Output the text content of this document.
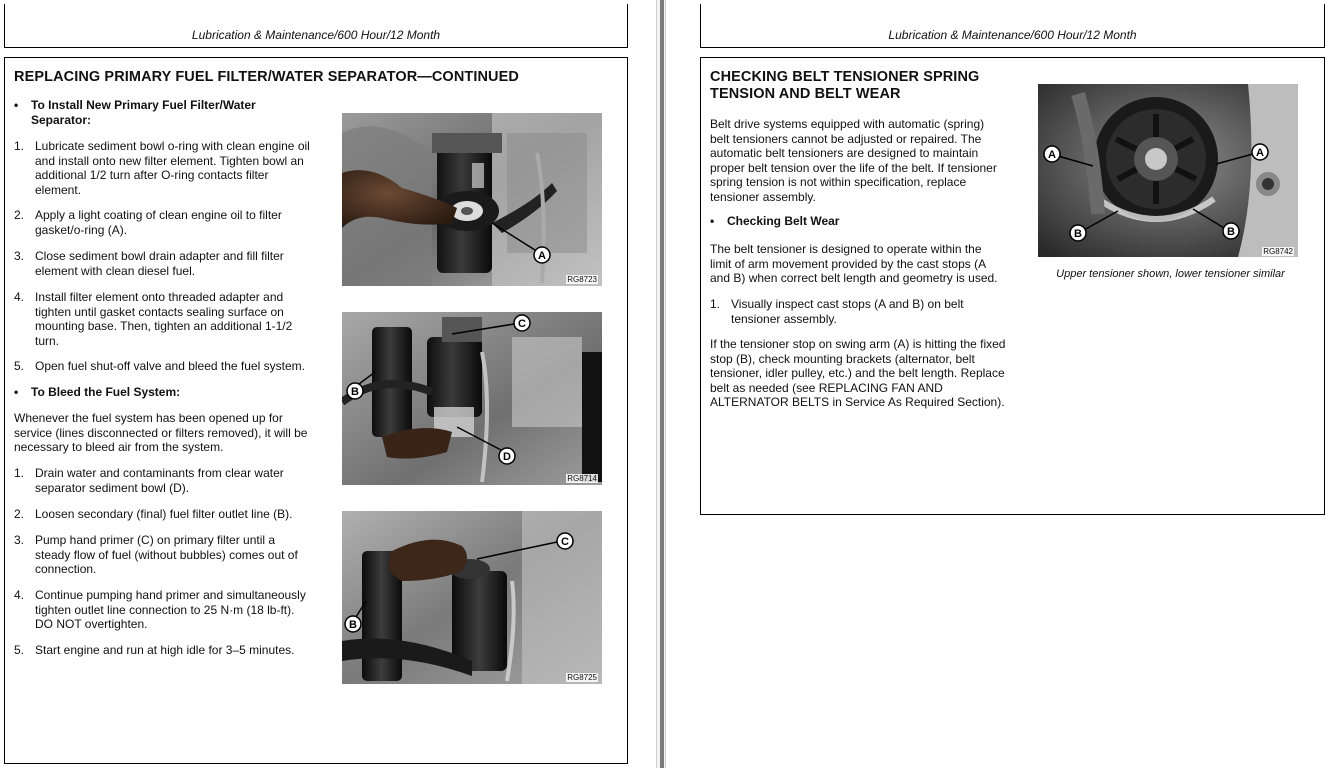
Lubrication & Maintenance/600 Hour/12 Month
REPLACING PRIMARY FUEL FILTER/WATER SEPARATOR—CONTINUED
• To Install New Primary Fuel Filter/Water Separator:
1. Lubricate sediment bowl o-ring with clean engine oil and install onto new filter element. Tighten bowl an additional 1/2 turn after O-ring contacts filter element.
2. Apply a light coating of clean engine oil to filter gasket/o-ring (A).
3. Close sediment bowl drain adapter and fill filter element with clean diesel fuel.
4. Install filter element onto threaded adapter and tighten until gasket contacts sealing surface on mounting base. Then, tighten an additional 1-1/2 turn.
5. Open fuel shut-off valve and bleed the fuel system.
• To Bleed the Fuel System:
Whenever the fuel system has been opened up for service (lines disconnected or filters removed), it will be necessary to bleed air from the system.
1. Drain water and contaminants from clear water separator sediment bowl (D).
2. Loosen secondary (final) fuel filter outlet line (B).
3. Pump hand primer (C) on primary filter until a steady flow of fuel (without bubbles) comes out of connection.
4. Continue pumping hand primer and simultaneously tighten outlet line connection to 25 N·m (18 lb-ft). DO NOT overtighten.
5. Start engine and run at high idle for 3–5 minutes.
A
RG8723
C
B
D
RG8714
C
B
RG8725
Lubrication & Maintenance/600 Hour/12 Month
CHECKING BELT TENSIONER SPRING
TENSION AND BELT WEAR
Belt drive systems equipped with automatic (spring) belt tensioners cannot be adjusted or repaired. The automatic belt tensioners are designed to maintain proper belt tension over the life of the belt. If tensioner spring tension is not within specification, replace tensioner assembly.
• Checking Belt Wear
The belt tensioner is designed to operate within the limit of arm movement provided by the cast stops (A and B) when correct belt length and geometry is used.
1. Visually inspect cast stops (A and B) on belt tensioner assembly.
If the tensioner stop on swing arm (A) is hitting the fixed stop (B), check mounting brackets (alternator, belt tensioner, idler pulley, etc.) and the belt length. Replace belt as needed (see REPLACING FAN AND ALTERNATOR BELTS in Service As Required Section).
A	A
B	B
RG8742
Upper tensioner shown, lower tensioner similar
